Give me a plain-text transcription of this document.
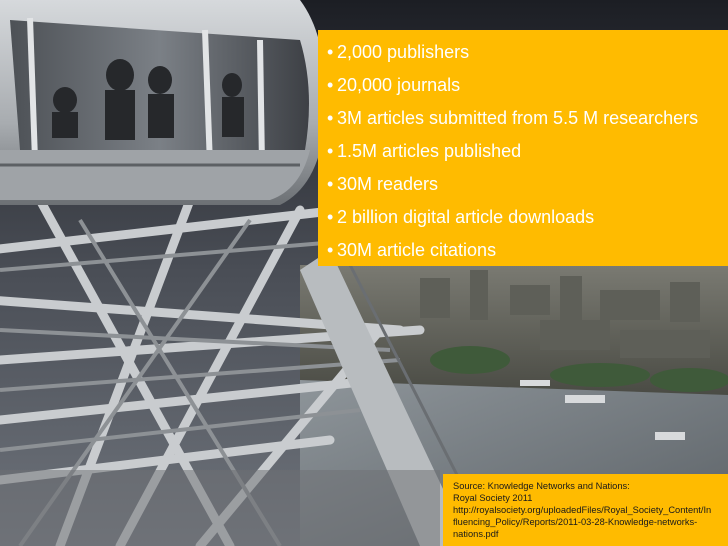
• 2,000 publishers
• 20,000 journals
• 3M articles submitted from 5.5 M researchers
• 1.5M articles published
• 30M readers
• 2 billion digital article downloads
• 30M article citations
Source: Knowledge Networks and Nations:
Royal Society 2011
http://royalsociety.org/uploadedFiles/Royal_Society_Content/In
fluencing_Policy/Reports/2011-03-28-Knowledge-networks-
nations.pdf
